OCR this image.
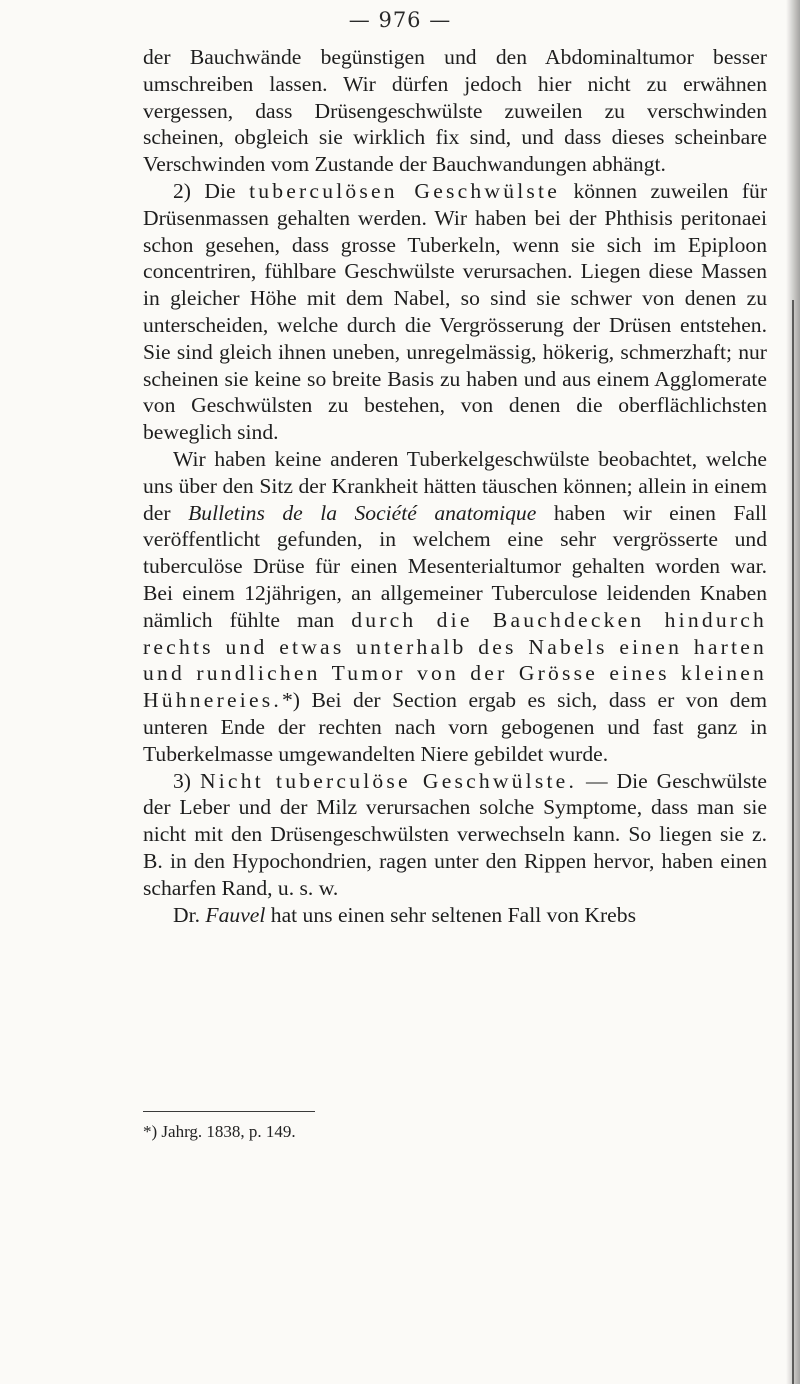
— 976 —

der Bauchwände begünstigen und den Abdominaltumor besser umschreiben lassen. Wir dürfen jedoch hier nicht zu erwähnen vergessen, dass Drüsengeschwülste zuweilen zu verschwinden scheinen, obgleich sie wirklich fix sind, und dass dieses scheinbare Verschwinden vom Zustande der Bauchwandungen abhängt.

2) Die tuberculösen Geschwülste können zuweilen für Drüsenmassen gehalten werden. Wir haben bei der Phthisis peritonaei schon gesehen, dass grosse Tuberkeln, wenn sie sich im Epiploon concentriren, fühlbare Geschwülste verursachen. Liegen diese Massen in gleicher Höhe mit dem Nabel, so sind sie schwer von denen zu unterscheiden, welche durch die Vergrösserung der Drüsen entstehen. Sie sind gleich ihnen uneben, unregelmässig, hökerig, schmerzhaft; nur scheinen sie keine so breite Basis zu haben und aus einem Agglomerate von Geschwülsten zu bestehen, von denen die oberflächlichsten beweglich sind.

Wir haben keine anderen Tuberkelgeschwülste beobachtet, welche uns über den Sitz der Krankheit hätten täuschen können; allein in einem der Bulletins de la Société anatomique haben wir einen Fall veröffentlicht gefunden, in welchem eine sehr vergrösserte und tuberculöse Drüse für einen Mesenterialtumor gehalten worden war. Bei einem 12jährigen, an allgemeiner Tuberculose leidenden Knaben nämlich fühlte man durch die Bauchdecken hindurch rechts und etwas unterhalb des Nabels einen harten und rundlichen Tumor von der Grösse eines kleinen Hühnereies.*) Bei der Section ergab es sich, dass er von dem unteren Ende der rechten nach vorn gebogenen und fast ganz in Tuberkelmasse umgewandelten Niere gebildet wurde.

3) Nicht tuberculöse Geschwülste. — Die Geschwülste der Leber und der Milz verursachen solche Symptome, dass man sie nicht mit den Drüsengeschwülsten verwechseln kann. So liegen sie z. B. in den Hypochondrien, ragen unter den Rippen hervor, haben einen scharfen Rand, u. s. w.

Dr. Fauvel hat uns einen sehr seltenen Fall von Krebs

*) Jahrg. 1838, p. 149.
